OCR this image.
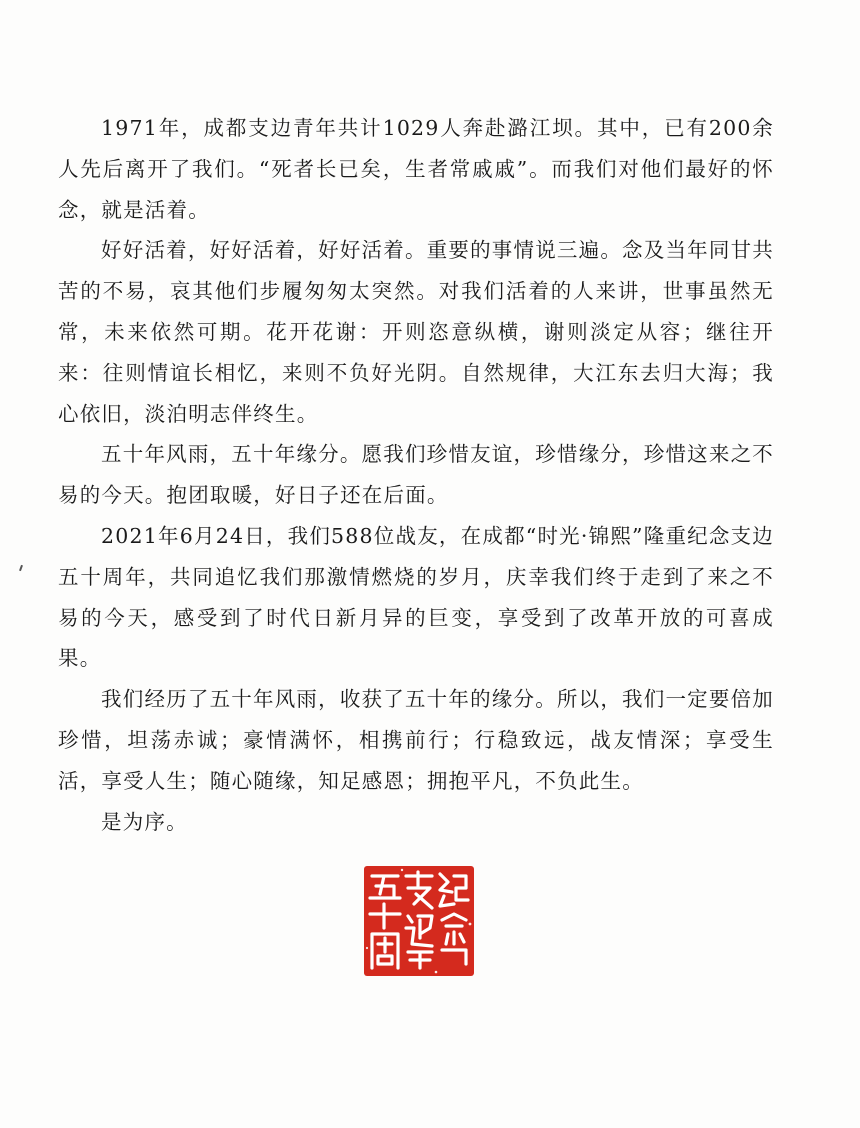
1971年，成都支边青年共计1029人奔赴潞江坝。其中，已有200余人先后离开了我们。“死者长已矣，生者常戚戚”。而我们对他们最好的怀念，就是活着。

好好活着，好好活着，好好活着。重要的事情说三遍。念及当年同甘共苦的不易，哀其他们步履匆匆太突然。对我们活着的人来讲，世事虽然无常，未来依然可期。花开花谢：开则恣意纵横，谢则淡定从容；继往开来：往则情谊长相忆，来则不负好光阴。自然规律，大江东去归大海；我心依旧，淡泊明志伴终生。

五十年风雨，五十年缘分。愿我们珍惜友谊，珍惜缘分，珍惜这来之不易的今天。抱团取暖，好日子还在后面。

2021年6月24日，我们588位战友，在成都“时光·锦熙”隆重纪念支边五十周年，共同追忆我们那激情燃烧的岁月，庆幸我们终于走到了来之不易的今天，感受到了时代日新月异的巨变，享受到了改革开放的可喜成果。

我们经历了五十年风雨，收获了五十年的缘分。所以，我们一定要倍加珍惜，坦荡赤诚；豪情满怀，相携前行；行稳致远，战友情深；享受生活，享受人生；随心随缘，知足感恩；拥抱平凡，不负此生。

是为序。
